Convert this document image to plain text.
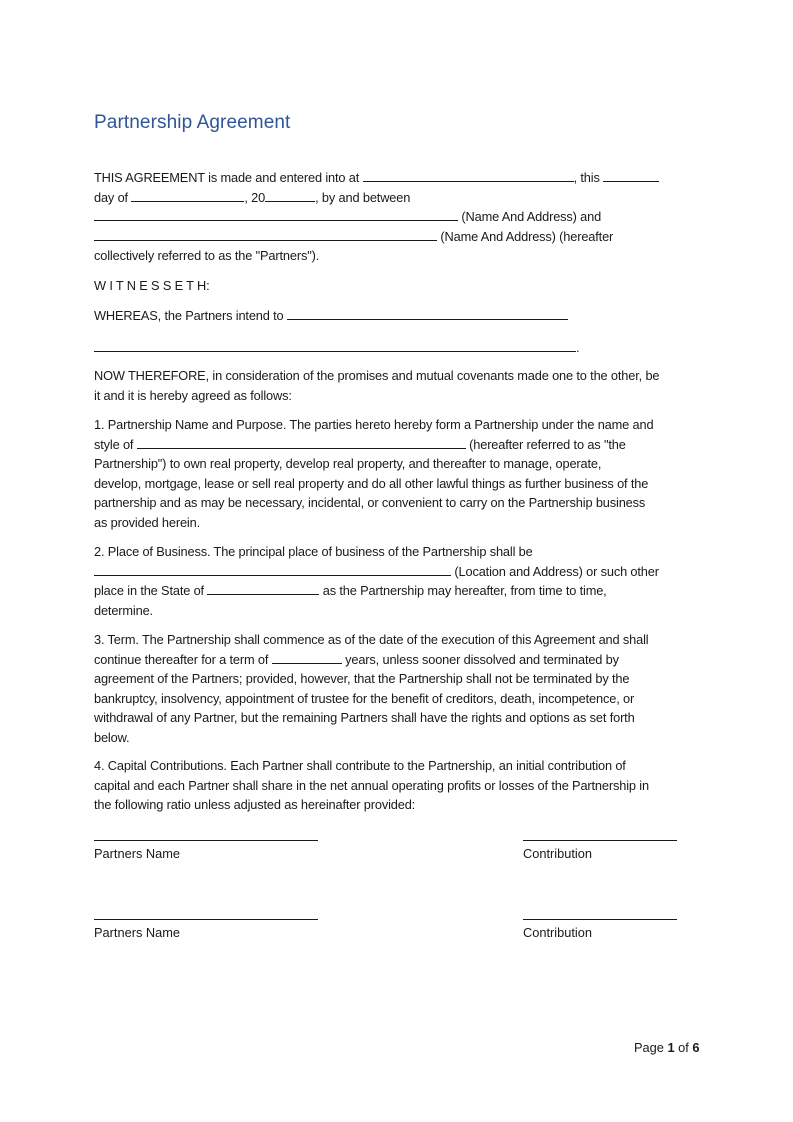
Partnership Agreement
THIS AGREEMENT is made and entered into at	, this
day of	, 20	, by and between
(Name And Address) and
(Name And Address) (hereafter
collectively referred to as the "Partners").
W I T N E S S E T H:
WHEREAS, the Partners intend to
.
NOW THEREFORE, in consideration of the promises and mutual covenants made one to the other, be
it and it is hereby agreed as follows:
1. Partnership Name and Purpose. The parties hereto hereby form a Partnership under the name and
style of	(hereafter referred to as "the
Partnership") to own real property, develop real property, and thereafter to manage, operate,
develop, mortgage, lease or sell real property and do all other lawful things as further business of the
partnership and as may be necessary, incidental, or convenient to carry on the Partnership business
as provided herein.
2. Place of Business. The principal place of business of the Partnership shall be
(Location and Address) or such other
place in the State of	as the Partnership may hereafter, from time to time,
determine.
3. Term. The Partnership shall commence as of the date of the execution of this Agreement and shall
continue thereafter for a term of	years, unless sooner dissolved and terminated by
agreement of the Partners; provided, however, that the Partnership shall not be terminated by the
bankruptcy, insolvency, appointment of trustee for the benefit of creditors, death, incompetence, or
withdrawal of any Partner, but the remaining Partners shall have the rights and options as set forth
below.
4. Capital Contributions. Each Partner shall contribute to the Partnership, an initial contribution of
capital and each Partner shall share in the net annual operating profits or losses of the Partnership in
the following ratio unless adjusted as hereinafter provided:
Partners Name	Contribution
Partners Name	Contribution
Page 1 of 6
